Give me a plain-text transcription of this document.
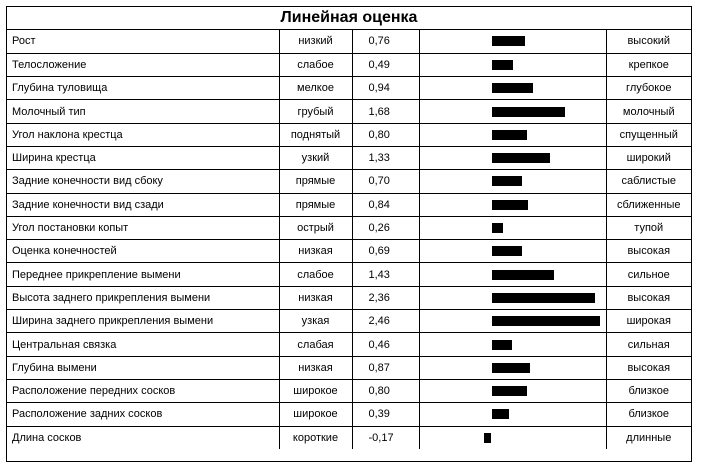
Линейная оценка
Рост	низкий	0,76		высокий
Телосложение	слабое	0,49		крепкое
Глубина туловища	мелкое	0,94		глубокое
Молочный тип	грубый	1,68		молочный
Угол наклона крестца	поднятый	0,80		спущенный
Ширина крестца	узкий	1,33		широкий
Задние конечности вид сбоку	прямые	0,70		саблистые
Задние конечности вид сзади	прямые	0,84		сближенные
Угол постановки копыт	острый	0,26		тупой
Оценка конечностей	низкая	0,69		высокая
Переднее прикрепление вымени	слабое	1,43		сильное
Высота заднего прикрепления вымени	низкая	2,36		высокая
Ширина заднего прикрепления вымени	узкая	2,46		широкая
Центральная связка	слабая	0,46		сильная
Глубина вымени	низкая	0,87		высокая
Расположение передних сосков	широкое	0,80		близкое
Расположение задних сосков	широкое	0,39		близкое
Длина сосков	короткие	-0,17		длинные
